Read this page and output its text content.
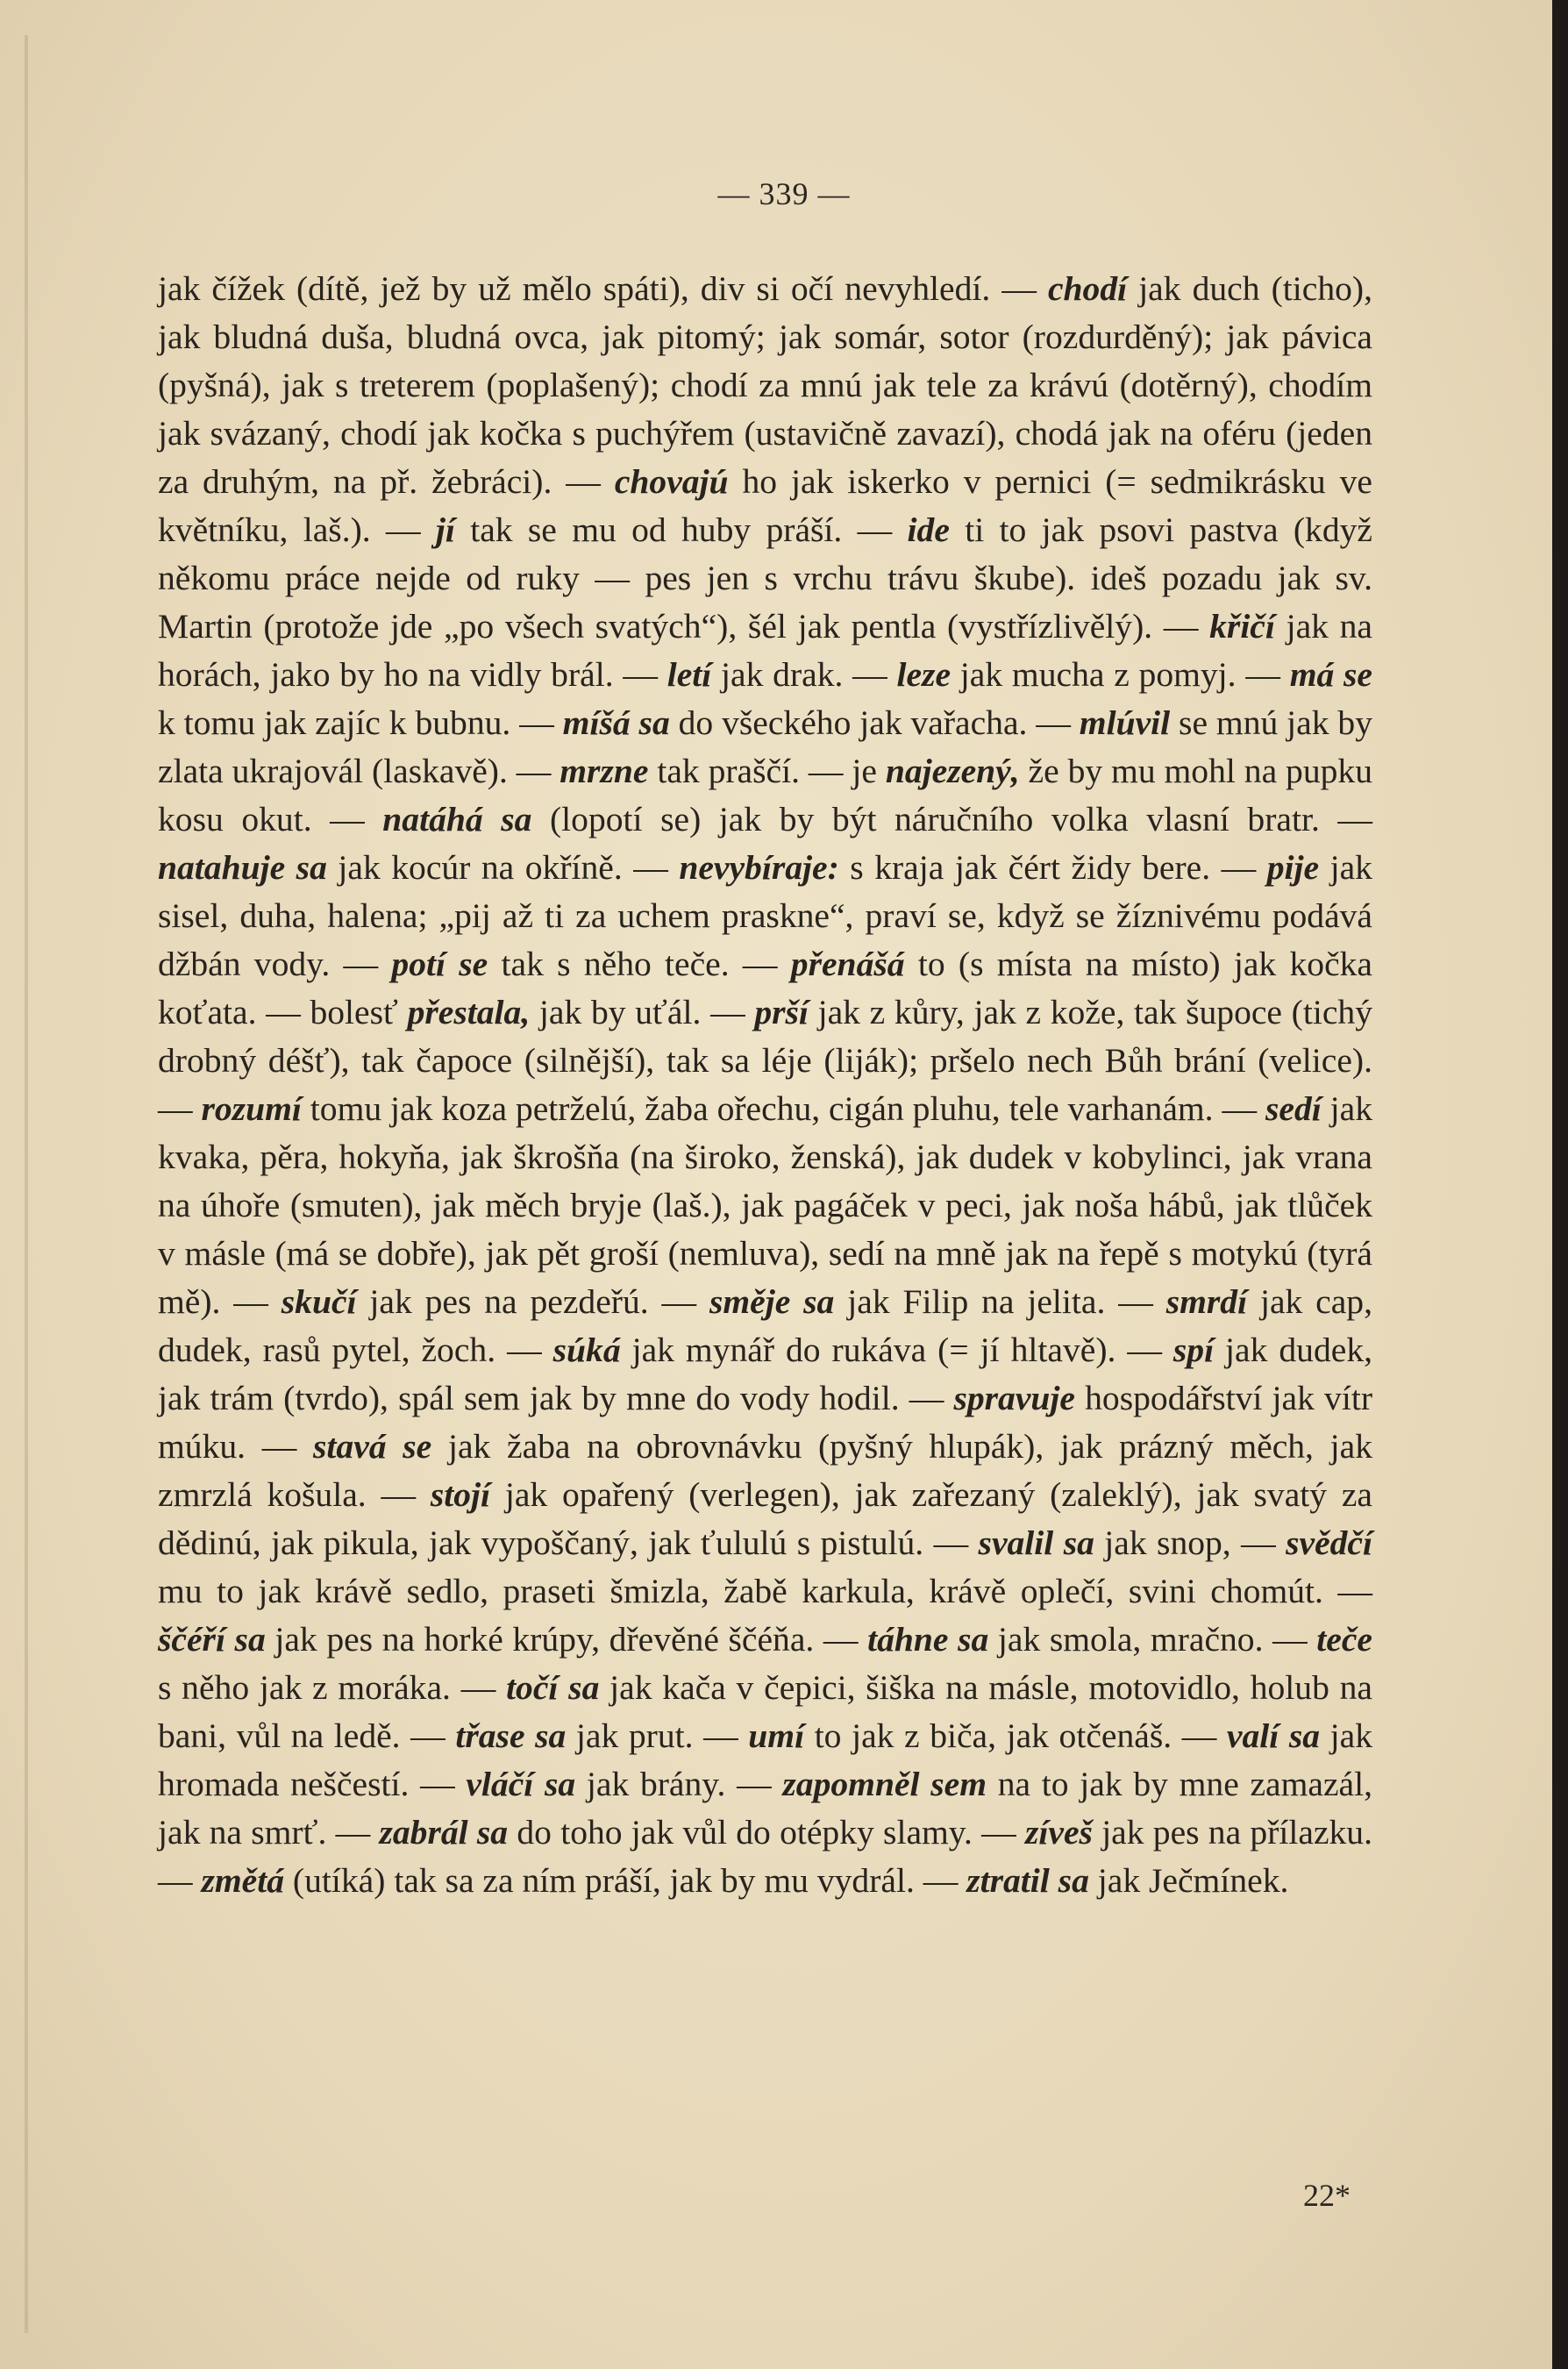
— 339 —
jak čížek (dítě, jež by už mělo spáti), div si očí nevyhledí. — chodí jak duch (ticho), jak bludná duša, bludná ovca, jak pitomý; jak somár, sotor (rozdurděný); jak pávica (pyšná), jak s treterem (poplašený); chodí za mnú jak tele za krávú (dotěrný), chodím jak svázaný, chodí jak kočka s puchýřem (ustavičně zavazí), chodá jak na oféru (jeden za druhým, na př. žebráci). — chovajú ho jak iskerko v pernici (= sedmikrásku ve květníku, laš.). — jí tak se mu od huby práší. — ide ti to jak psovi pastva (když někomu práce nejde od ruky — pes jen s vrchu trávu škube). ideš pozadu jak sv. Martin (protože jde „po všech svatých“), šél jak pentla (vystřízlivělý). — křičí jak na horách, jako by ho na vidly brál. — letí jak drak. — leze jak mucha z pomyj. — má se k tomu jak zajíc k bubnu. — míšá sa do všeckého jak vařacha. — mlúvil se mnú jak by zlata ukrajovál (laskavě). — mrzne tak praščí. — je najezený, že by mu mohl na pupku kosu okut. — natáhá sa (lopotí se) jak by být náručního volka vlasní bratr. — natahuje sa jak kocúr na okříně. — nevybíraje: s kraja jak čért židy bere. — pije jak sisel, duha, halena; „pij až ti za uchem praskne“, praví se, když se žíznivému podává džbán vody. — potí se tak s něho teče. — přenášá to (s místa na místo) jak kočka koťata. — bolesť přestala, jak by uťál. — prší jak z kůry, jak z kože, tak šupoce (tichý drobný déšť), tak čapoce (silnější), tak sa léje (liják); pršelo nech Bůh brání (velice). — rozumí tomu jak koza petrželú, žaba ořechu, cigán pluhu, tele varhanám. — sedí jak kvaka, pěra, hokyňa, jak škrošňa (na široko, ženská), jak dudek v kobylinci, jak vrana na úhoře (smuten), jak měch bryje (laš.), jak pagáček v peci, jak noša hábů, jak tlůček v másle (má se dobře), jak pět groší (nemluva), sedí na mně jak na řepě s motykú (tyrá mě). — skučí jak pes na pezdeřú. — směje sa jak Filip na jelita. — smrdí jak cap, dudek, rasů pytel, žoch. — súká jak mynář do rukáva (= jí hltavě). — spí jak dudek, jak trám (tvrdo), spál sem jak by mne do vody hodil. — spravuje hospodářství jak vítr múku. — stavá se jak žaba na obrovnávku (pyšný hlupák), jak prázný měch, jak zmrzlá košula. — stojí jak opařený (verlegen), jak zařezaný (zaleklý), jak svatý za dědinú, jak pikula, jak vypoščaný, jak ťululú s pistulú. — svalil sa jak snop, — svědčí mu to jak krávě sedlo, praseti šmizla, žabě karkula, krávě oplečí, svini chomút. — ščéří sa jak pes na horké krúpy, dřevěné ščéňa. — táhne sa jak smola, mračno. — teče s něho jak z moráka. — točí sa jak kača v čepici, šiška na másle, motovidlo, holub na bani, vůl na ledě. — třase sa jak prut. — umí to jak z biča, jak otčenáš. — valí sa jak hromada neščestí. — vláčí sa jak brány. — zapomněl sem na to jak by mne zamazál, jak na smrť. — zabrál sa do toho jak vůl do otépky slamy. — zíveš jak pes na přílazku. — změtá (utíká) tak sa za ním práší, jak by mu vydrál. — ztratil sa jak Ječmínek.
22*
